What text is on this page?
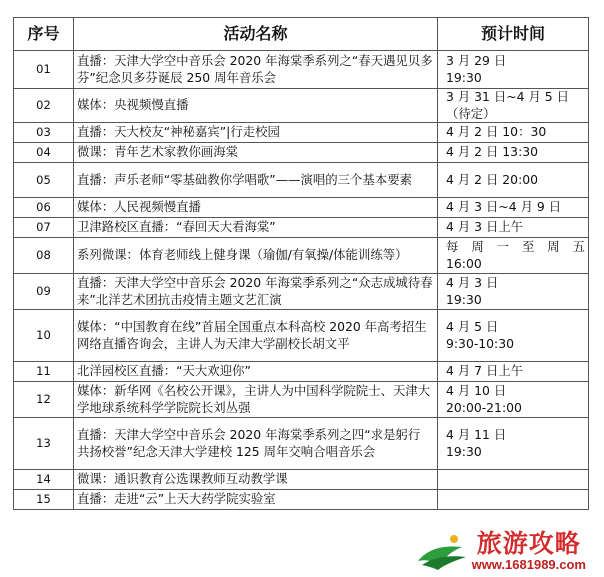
序号	活动名称	预计时间
01	直播：天津大学空中音乐会 2020 年海棠季系列之“春天遇见贝多芬”纪念贝多芬诞辰 250 周年音乐会	3 月 29 日
19:30

02	媒体：央视频慢直播	3 月 31 日~4 月 5 日
（待定）

03	直播：天大校友“神秘嘉宾”|行走校园	4 月 2 日 10：30

04	微课：青年艺术家教你画海棠	4 月 2 日 13:30

05	直播：声乐老师“零基础教你学唱歌”——演唱的三个基本要素	4 月 2 日 20:00

06	媒体：人民视频慢直播	4 月 3 日~4 月 9 日

07	卫津路校区直播：“春回天大看海棠”	4 月 3 日上午

08	系列微课：体育老师线上健身课（瑜伽/有氧操/体能训练等）	每 周 一 至 周 五
16:00

09	直播：天津大学空中音乐会 2020 年海棠季系列之“众志成城待春来”北洋艺术团抗击疫情主题文艺汇演	4 月 3 日
19:30

10	媒体：“中国教育在线”首届全国重点本科高校 2020 年高考招生网络直播咨询会，主讲人为天津大学副校长胡文平	4 月 5 日
9:30-10:30

11	北洋园校区直播：“天大欢迎你”	4 月 7 日上午

12	媒体：新华网《名校公开课》，主讲人为中国科学院院士、天津大学地球系统科学学院院长刘丛强	4 月 10 日
20:00-21:00

13	直播：天津大学空中音乐会 2020 年海棠季系列之四“求是躬行 共扬校誉”纪念天津大学建校 125 周年交响合唱音乐会	4 月 11 日
19:30

14	微课：通识教育公选课教师互动教学课	

15	直播：走进“云”上天大药学院实验室	
旅游攻略
www.1681989.com
